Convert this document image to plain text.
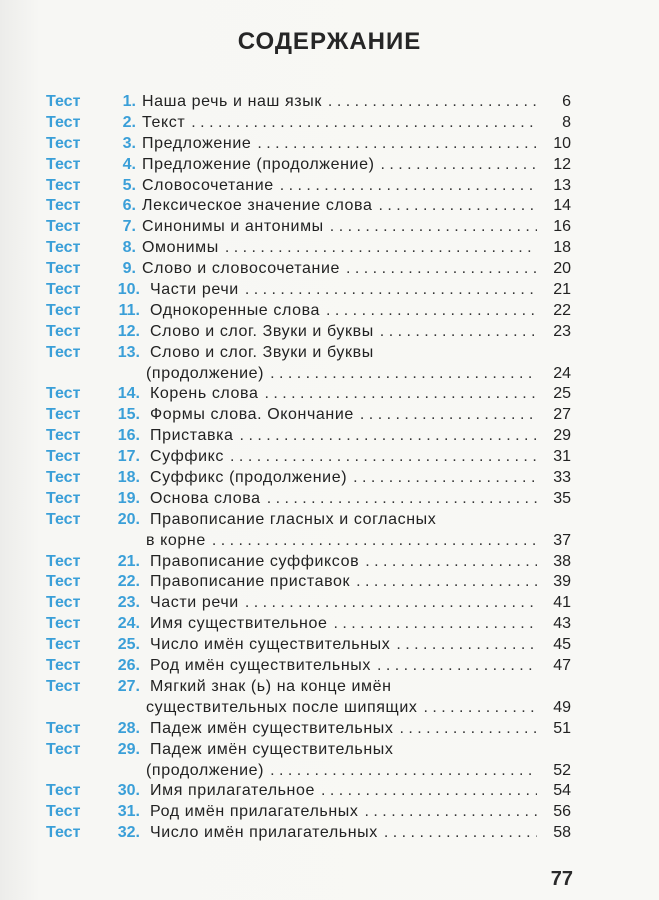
СОДЕРЖАНИЕ
Тест	1. Наша речь и наш язык . . .	6
Тест	2. Текст . . .	8
Тест	3. Предложение . . .	10
Тест	4. Предложение (продолжение) . . .	12
Тест	5. Словосочетание . . .	13
Тест	6. Лексическое значение слова . . .	14
Тест	7. Синонимы и антонимы . . .	16
Тест	8. Омонимы . . .	18
Тест	9. Слово и словосочетание . . .	20
Тест	10. Части речи . . .	21
Тест	11. Однокоренные слова . . .	22
Тест	12. Слово и слог. Звуки и буквы . . .	23
Тест	13. Слово и слог. Звуки и буквы
(продолжение) . . .	24
Тест	14. Корень слова . . .	25
Тест	15. Формы слова. Окончание . . .	27
Тест	16. Приставка . . .	29
Тест	17. Суффикс . . .	31
Тест	18. Суффикс (продолжение) . . .	33
Тест	19. Основа слова . . .	35
Тест	20. Правописание гласных и согласных
в корне . . .	37
Тест	21. Правописание суффиксов . . .	38
Тест	22. Правописание приставок . . .	39
Тест	23. Части речи . . .	41
Тест	24. Имя существительное . . .	43
Тест	25. Число имён существительных . . .	45
Тест	26. Род имён существительных . . .	47
Тест	27. Мягкий знак (ь) на конце имён
существительных после шипящих . . .	49
Тест	28. Падеж имён существительных . . .	51
Тест	29. Падеж имён существительных
(продолжение) . . .	52
Тест	30. Имя прилагательное . . .	54
Тест	31. Род имён прилагательных . . .	56
Тест	32. Число имён прилагательных . . .	58
77
